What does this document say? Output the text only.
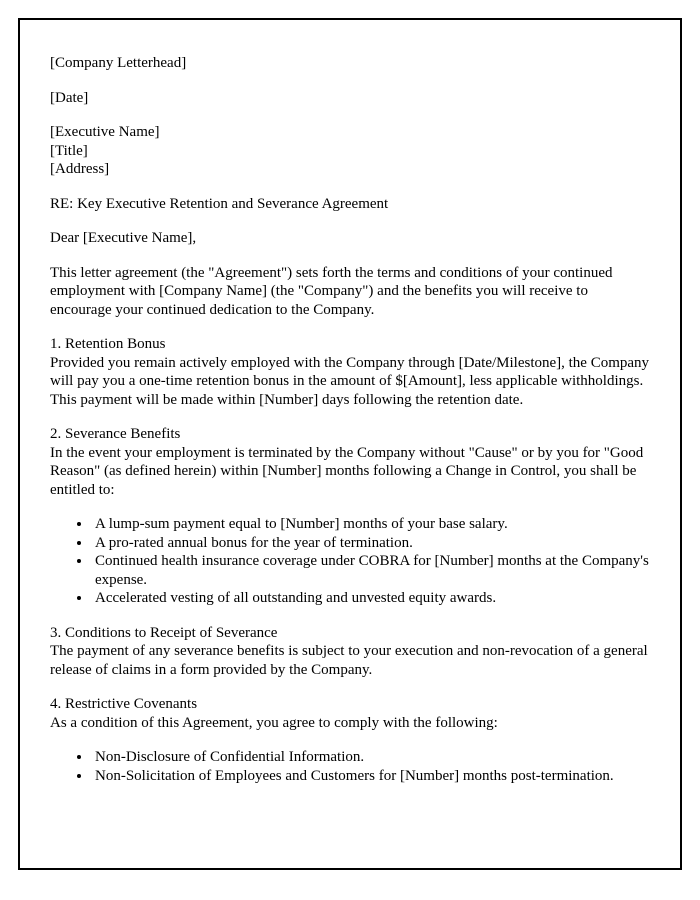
[Company Letterhead]

[Date]

[Executive Name]

[Title]

[Address]

RE: Key Executive Retention and Severance Agreement

Dear [Executive Name],

This letter agreement (the "Agreement") sets forth the terms and conditions of your continued employment with [Company Name] (the "Company") and the benefits you will receive to encourage your continued dedication to the Company.

1. Retention Bonus

Provided you remain actively employed with the Company through [Date/Milestone], the Company will pay you a one-time retention bonus in the amount of $[Amount], less applicable withholdings. This payment will be made within [Number] days following the retention date.

2. Severance Benefits

In the event your employment is terminated by the Company without "Cause" or by you for "Good Reason" (as defined herein) within [Number] months following a Change in Control, you shall be entitled to:

• A lump-sum payment equal to [Number] months of your base salary.
• A pro-rated annual bonus for the year of termination.
• Continued health insurance coverage under COBRA for [Number] months at the Company's expense.
• Accelerated vesting of all outstanding and unvested equity awards.
3. Conditions to Receipt of Severance

The payment of any severance benefits is subject to your execution and non-revocation of a general release of claims in a form provided by the Company.

4. Restrictive Covenants

As a condition of this Agreement, you agree to comply with the following:

• Non-Disclosure of Confidential Information.
• Non-Solicitation of Employees and Customers for [Number] months post-termination.
